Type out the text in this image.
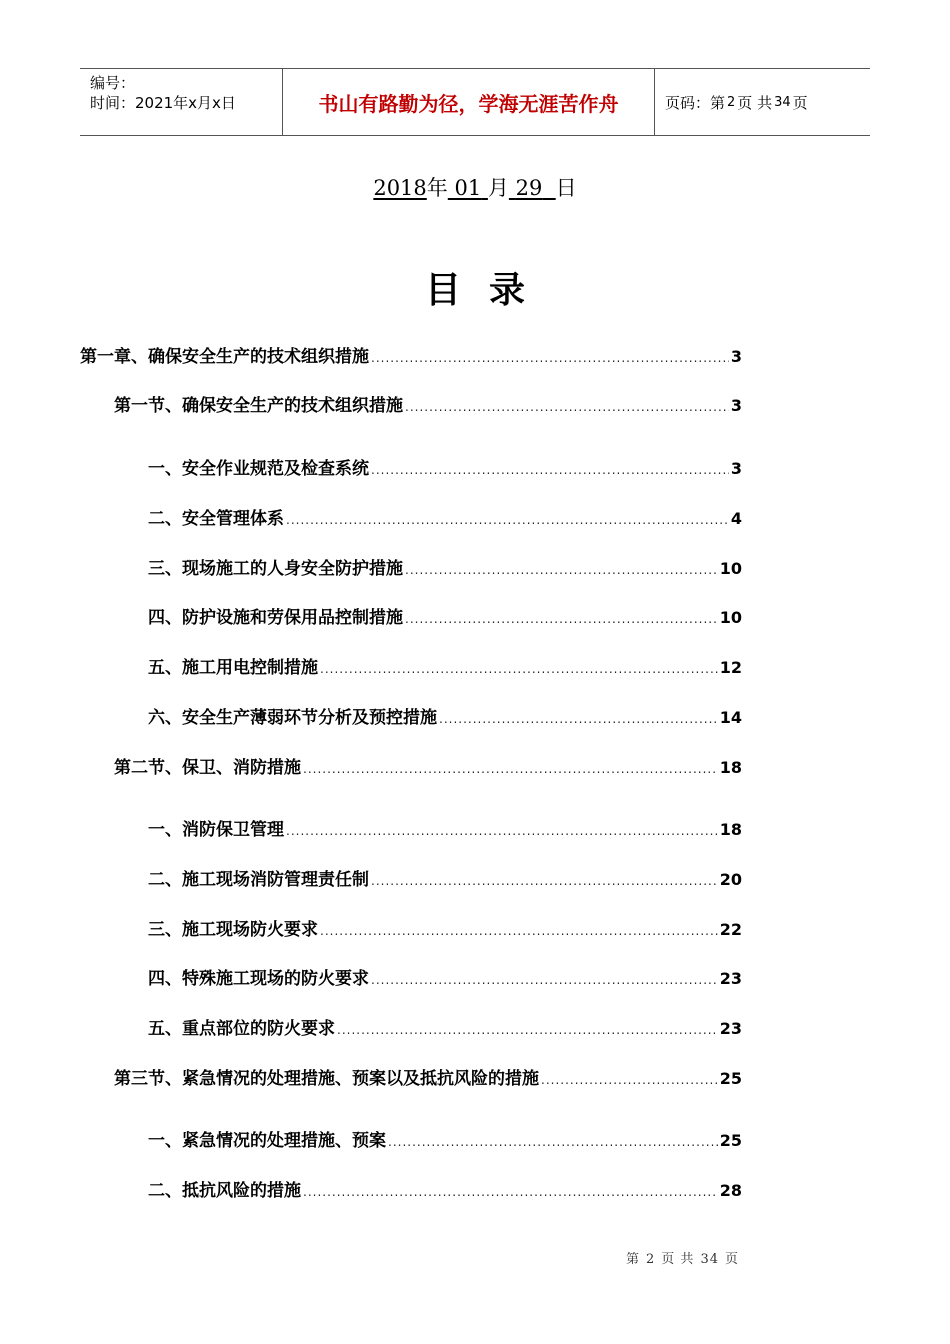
编号：
时间：2021年x月x日	书山有路勤为径，学海无涯苦作舟	页码：第 2 页 共 34 页
2018年 01 月 29 日
目录
第一章、确保安全生产的技术组织措施 .....	3
第一节、确保安全生产的技术组织措施 .....	3
一、安全作业规范及检查系统 .....	3
二、安全管理体系 .....	4
三、现场施工的人身安全防护措施 .....	10
四、防护设施和劳保用品控制措施 .....	10
五、施工用电控制措施 .....	12
六、安全生产薄弱环节分析及预控措施 .....	14
第二节、保卫、消防措施 .....	18
一、消防保卫管理 .....	18
二、施工现场消防管理责任制 .....	20
三、施工现场防火要求 .....	22
四、特殊施工现场的防火要求 .....	23
五、重点部位的防火要求 .....	23
第三节、紧急情况的处理措施、预案以及抵抗风险的措施 .....	25
一、紧急情况的处理措施、预案 .....	25
二、抵抗风险的措施 .....	28
第 2 页 共 34 页
